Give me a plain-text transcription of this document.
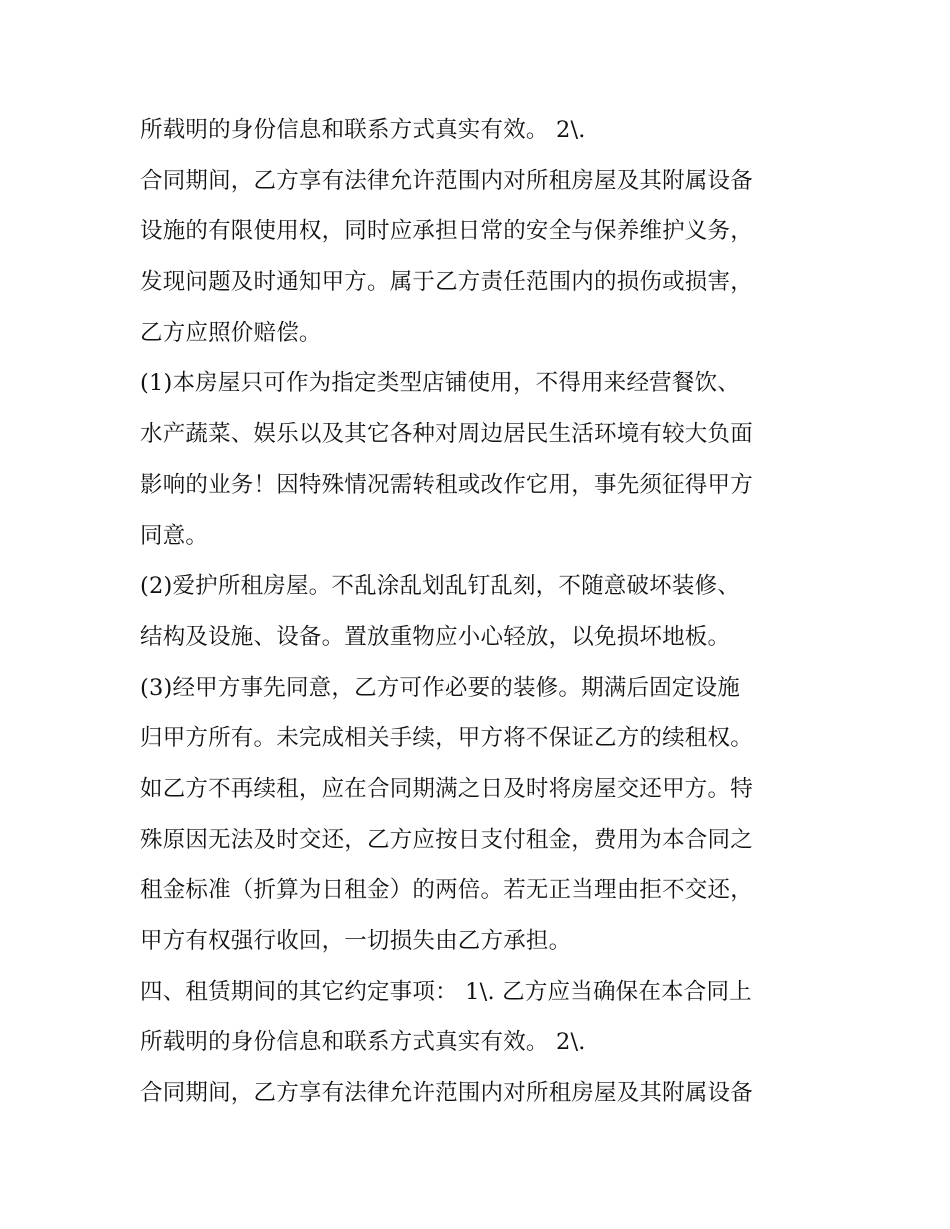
所载明的身份信息和联系方式真实有效。 2\.
合同期间，乙方享有法律允许范围内对所租房屋及其附属设备
设施的有限使用权，同时应承担日常的安全与保养维护义务，
发现问题及时通知甲方。属于乙方责任范围内的损伤或损害，
乙方应照价赔偿。
(1)本房屋只可作为指定类型店铺使用，不得用来经营餐饮、
水产蔬菜、娱乐以及其它各种对周边居民生活环境有较大负面
影响的业务！因特殊情况需转租或改作它用，事先须征得甲方
同意。
(2)爱护所租房屋。不乱涂乱划乱钉乱刻，不随意破坏装修、
结构及设施、设备。置放重物应小心轻放，以免损坏地板。
(3)经甲方事先同意，乙方可作必要的装修。期满后固定设施
归甲方所有。未完成相关手续，甲方将不保证乙方的续租权。
如乙方不再续租，应在合同期满之日及时将房屋交还甲方。特
殊原因无法及时交还，乙方应按日支付租金，费用为本合同之
租金标准（折算为日租金）的两倍。若无正当理由拒不交还，
甲方有权强行收回，一切损失由乙方承担。
四、租赁期间的其它约定事项： 1\. 乙方应当确保在本合同上
所载明的身份信息和联系方式真实有效。 2\.
合同期间，乙方享有法律允许范围内对所租房屋及其附属设备
